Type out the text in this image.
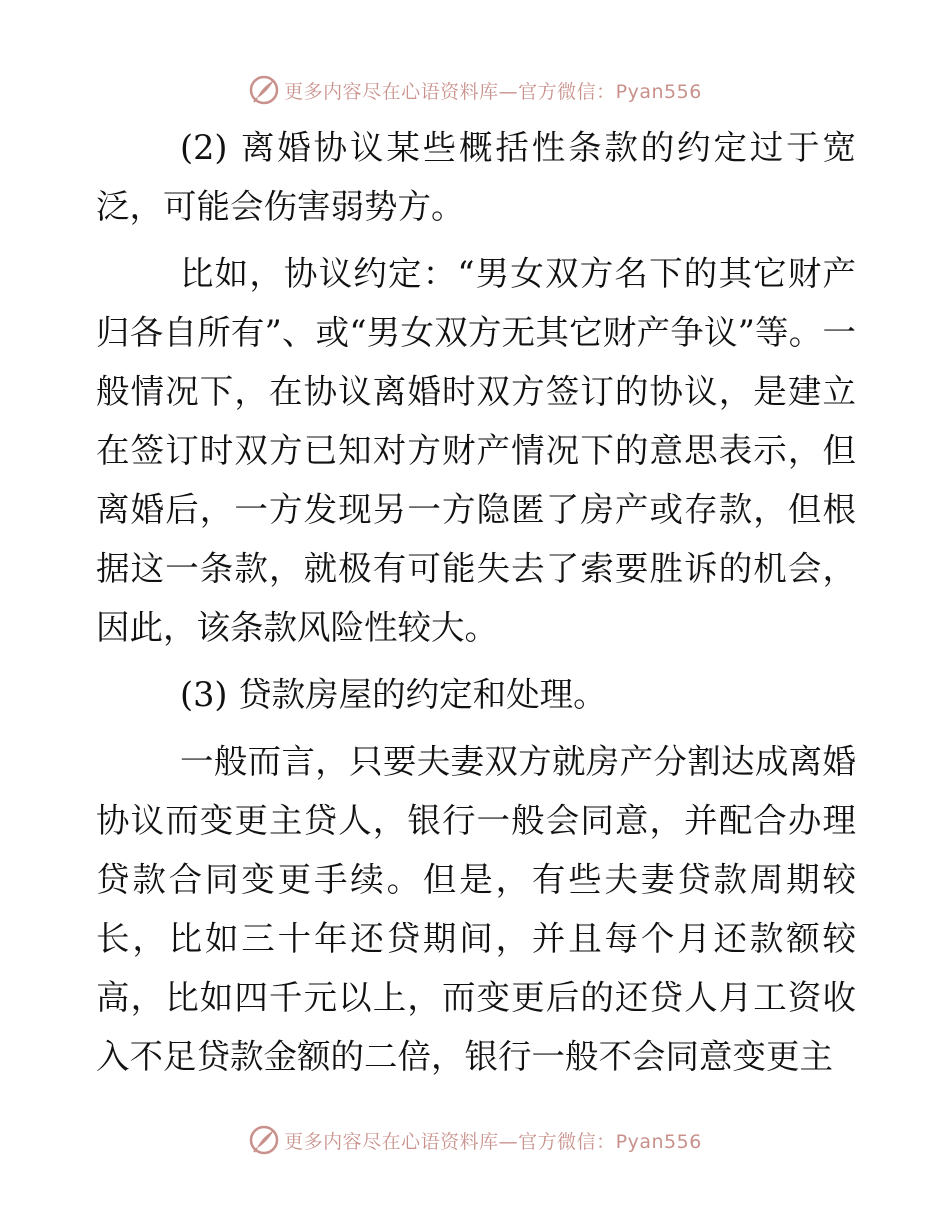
更多内容尽在心语资料库—官方微信：Pyan556

(2) 离婚协议某些概括性条款的约定过于宽泛，可能会伤害弱势方。

比如，协议约定：“男女双方名下的其它财产归各自所有”、或“男女双方无其它财产争议”等。一般情况下，在协议离婚时双方签订的协议，是建立在签订时双方已知对方财产情况下的意思表示，但离婚后，一方发现另一方隐匿了房产或存款，但根据这一条款，就极有可能失去了索要胜诉的机会，因此，该条款风险性较大。

(3) 贷款房屋的约定和处理。

一般而言，只要夫妻双方就房产分割达成离婚协议而变更主贷人，银行一般会同意，并配合办理贷款合同变更手续。但是，有些夫妻贷款周期较长，比如三十年还贷期间，并且每个月还款额较高，比如四千元以上，而变更后的还贷人月工资收入不足贷款金额的二倍，银行一般不会同意变更主

更多内容尽在心语资料库—官方微信：Pyan556
